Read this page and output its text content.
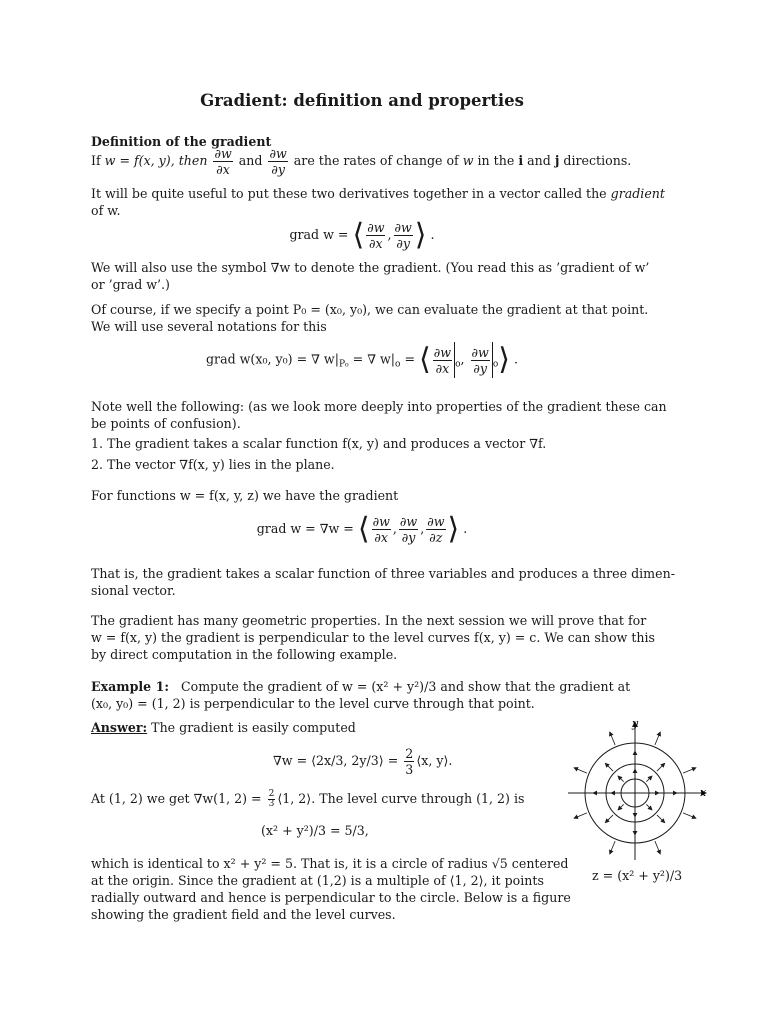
Gradient: definition and properties
Definition of the gradient
If w = f(x, y), then $\frac{\partial w}{\partial x}$ and $\frac{\partial w}{\partial y}$ are the rates of change of w in the i and j directions.
It will be quite useful to put these two derivatives together in a vector called the gradient
of w.
grad w = ⟨ $\frac{\partial w}{\partial x}$ , $\frac{\partial w}{\partial y}$ ⟩ .
We will also use the symbol ∇w to denote the gradient. (You read this as ’gradient of w’
or ’grad w’.)
Of course, if we specify a point P₀ = (x₀, y₀), we can evaluate the gradient at that point.
We will use several notations for this
grad w(x₀, y₀) = ∇ $w|_{P_0}$ = ∇ $w|_o$ = ⟨ $\frac{\partial w}{\partial x} _o$, $\frac{\partial w}{\partial y}$ $_o$⟩ .
Note well the following: (as we look more deeply into properties of the gradient these can
be points of confusion).
1. The gradient takes a scalar function f(x, y) and produces a vector ∇f.
2. The vector ∇f(x, y) lies in the plane.
For functions w = f(x, y, z) we have the gradient
grad w = ∇w = ⟨ $\frac{\partial w}{\partial x}$ , $\frac{\partial w}{\partial y}$ , $\frac{\partial w}{\partial z}$ ⟩ .
That is, the gradient takes a scalar function of three variables and produces a three dimen-
sional vector.
The gradient has many geometric properties. In the next session we will prove that for
w = f(x, y) the gradient is perpendicular to the level curves f(x, y) = c. We can show this
by direct computation in the following example.
Example 1: Compute the gradient of w = (x² + y²)/3 and show that the gradient at
(x₀, y₀) = (1, 2) is perpendicular to the level curve through that point.
Answer: The gradient is easily computed
∇w = ⟨2x/3, 2y/3⟩ = $\frac{2}{3}$ ⟨x, y⟩.
At (1, 2) we get ∇w(1, $2) = \frac{2}{3}$ ⟨1, 2⟩. The level curve through (1, 2) is
(x² + y²)/3 = 5/3,
which is identical to x² + y² = 5. That is, it is a circle of radius √5 centered
at the origin. Since the gradient at (1,2) is a multiple of ⟨1, 2⟩, it points
radially outward and hence is perpendicular to the circle. Below is a figure
showing the gradient field and the level curves.
x
y
z = (x² + y²)/3
